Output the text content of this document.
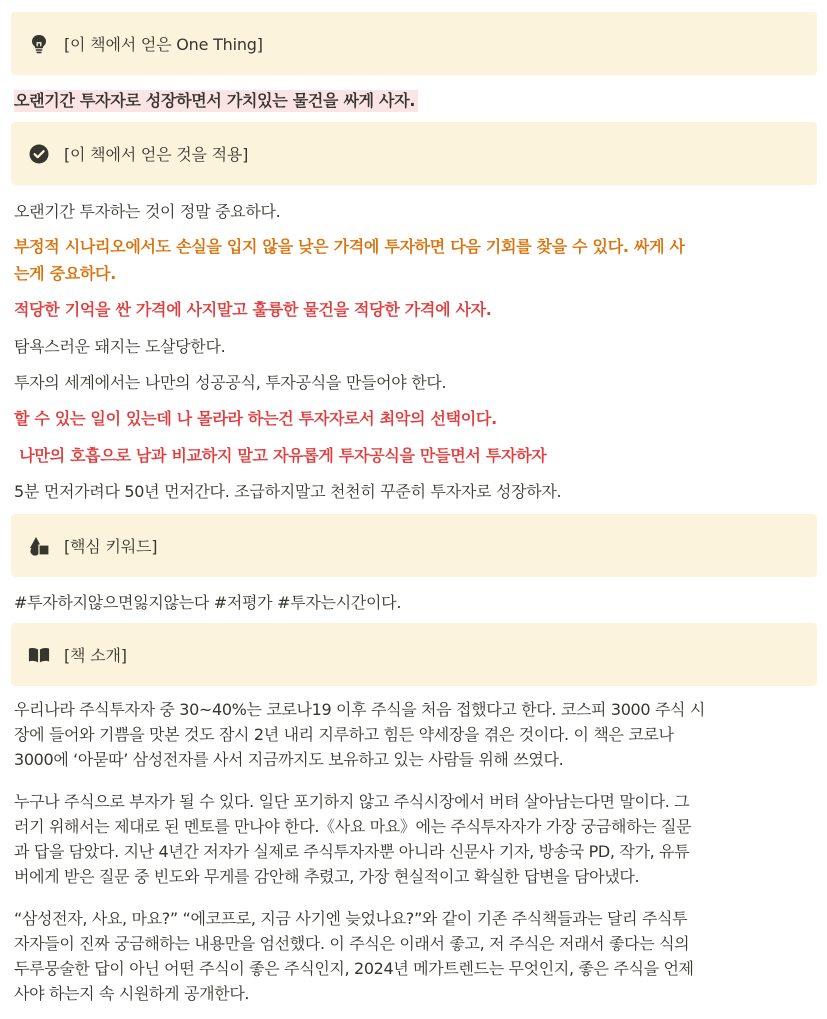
[이 책에서 얻은 One Thing]
오랜기간 투자자로 성장하면서 가치있는 물건을 싸게 사자.
[이 책에서 얻은 것을 적용]
오랜기간 투자하는 것이 정말 중요하다.
부정적 시나리오에서도 손실을 입지 않을 낮은 가격에 투자하면 다음 기회를 찾을 수 있다. 싸게 사
는게 중요하다.
적당한 기억을 싼 가격에 사지말고 훌륭한 물건을 적당한 가격에 사자.
탐욕스러운 돼지는 도살당한다.
투자의 세계에서는 나만의 성공공식, 투자공식을 만들어야 한다.
할 수 있는 일이 있는데 나 몰라라 하는건 투자자로서 최악의 선택이다.
나만의 호흡으로 남과 비교하지 말고 자유롭게 투자공식을 만들면서 투자하자
5분 먼저가려다 50년 먼저간다. 조급하지말고 천천히 꾸준히 투자자로 성장하자.
[핵심 키워드]
#투자하지않으면잃지않는다 #저평가 #투자는시간이다.
[책 소개]
우리나라 주식투자자 중 30~40%는 코로나19 이후 주식을 처음 접했다고 한다. 코스피 3000 주식 시
장에 들어와 기쁨을 맛본 것도 잠시 2년 내리 지루하고 힘든 약세장을 겪은 것이다. 이 책은 코로나
3000에 ‘아묻따’ 삼성전자를 사서 지금까지도 보유하고 있는 사람들 위해 쓰였다.
누구나 주식으로 부자가 될 수 있다. 일단 포기하지 않고 주식시장에서 버텨 살아남는다면 말이다. 그
러기 위해서는 제대로 된 멘토를 만나야 한다.《사요 마요》에는 주식투자자가 가장 궁금해하는 질문
과 답을 담았다. 지난 4년간 저자가 실제로 주식투자자뿐 아니라 신문사 기자, 방송국 PD, 작가, 유튜
버에게 받은 질문 중 빈도와 무게를 감안해 추렸고, 가장 현실적이고 확실한 답변을 담아냈다.
“삼성전자, 사요, 마요?” “에코프로, 지금 사기엔 늦었나요?”와 같이 기존 주식책들과는 달리 주식투
자자들이 진짜 궁금해하는 내용만을 엄선했다. 이 주식은 이래서 좋고, 저 주식은 저래서 좋다는 식의
두루뭉술한 답이 아닌 어떤 주식이 좋은 주식인지, 2024년 메가트렌드는 무엇인지, 좋은 주식을 언제
사야 하는지 속 시원하게 공개한다.
